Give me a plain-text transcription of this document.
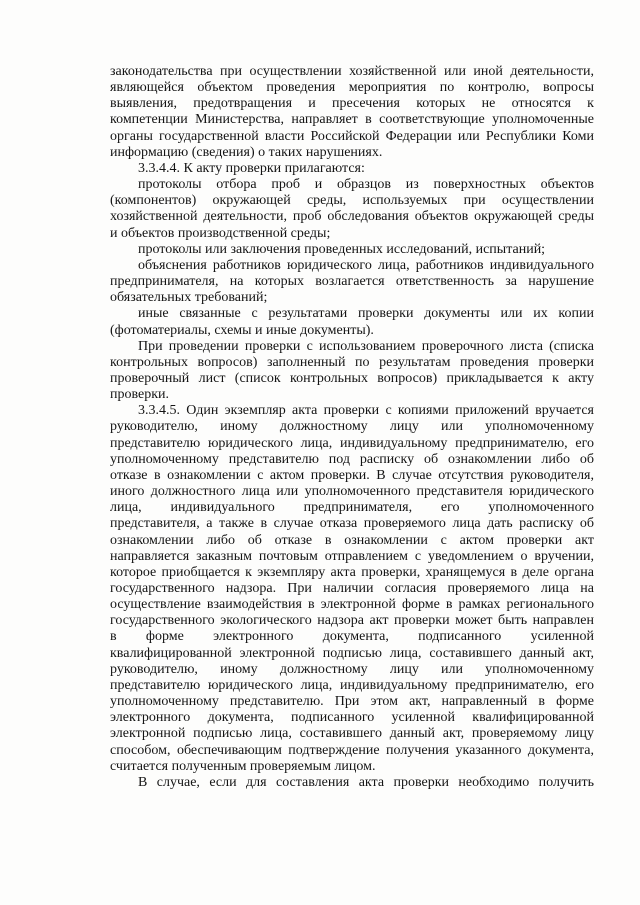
законодательства при осуществлении хозяйственной или иной деятельности,
являющейся объектом проведения мероприятия по контролю, вопросы
выявления, предотвращения и пресечения которых не относятся к
компетенции Министерства, направляет в соответствующие уполномоченные
органы государственной власти Российской Федерации или Республики Коми
информацию (сведения) о таких нарушениях.
3.3.4.4. К акту проверки прилагаются:
протоколы отбора проб и образцов из поверхностных объектов
(компонентов) окружающей среды, используемых при осуществлении
хозяйственной деятельности, проб обследования объектов окружающей среды
и объектов производственной среды;
протоколы или заключения проведенных исследований, испытаний;
объяснения работников юридического лица, работников индивидуального
предпринимателя, на которых возлагается ответственность за нарушение
обязательных требований;
иные связанные с результатами проверки документы или их копии
(фотоматериалы, схемы и иные документы).
При проведении проверки с использованием проверочного листа (списка
контрольных вопросов) заполненный по результатам проведения проверки
проверочный лист (список контрольных вопросов) прикладывается к акту
проверки.
3.3.4.5. Один экземпляр акта проверки с копиями приложений вручается
руководителю, иному должностному лицу или уполномоченному
представителю юридического лица, индивидуальному предпринимателю, его
уполномоченному представителю под расписку об ознакомлении либо об
отказе в ознакомлении с актом проверки. В случае отсутствия руководителя,
иного должностного лица или уполномоченного представителя юридического
лица, индивидуального предпринимателя, его уполномоченного
представителя, а также в случае отказа проверяемого лица дать расписку об
ознакомлении либо об отказе в ознакомлении с актом проверки акт
направляется заказным почтовым отправлением с уведомлением о вручении,
которое приобщается к экземпляру акта проверки, хранящемуся в деле органа
государственного надзора. При наличии согласия проверяемого лица на
осуществление взаимодействия в электронной форме в рамках регионального
государственного экологического надзора акт проверки может быть направлен
в форме электронного документа, подписанного усиленной
квалифицированной электронной подписью лица, составившего данный акт,
руководителю, иному должностному лицу или уполномоченному
представителю юридического лица, индивидуальному предпринимателю, его
уполномоченному представителю. При этом акт, направленный в форме
электронного документа, подписанного усиленной квалифицированной
электронной подписью лица, составившего данный акт, проверяемому лицу
способом, обеспечивающим подтверждение получения указанного документа,
считается полученным проверяемым лицом.
В случае, если для составления акта проверки необходимо получить
